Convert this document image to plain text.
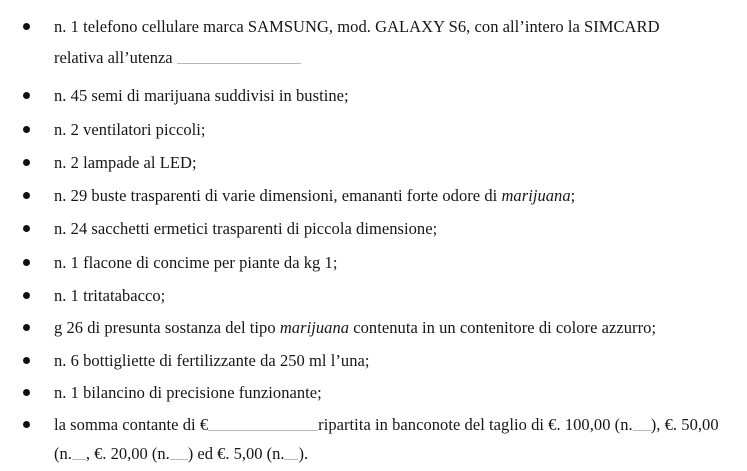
n. 1 telefono cellulare marca SAMSUNG, mod. GALAXY S6, con all’intero la SIMCARD
relativa all’utenza
n. 45 semi di marijuana suddivisi in bustine;
n. 2 ventilatori piccoli;
n. 2 lampade al LED;
n. 29 buste trasparenti di varie dimensioni, emananti forte odore di marijuana;
n. 24 sacchetti ermetici trasparenti di piccola dimensione;
n. 1 flacone di concime per piante da kg 1;
n. 1 tritatabacco;
g 26 di presunta sostanza del tipo marijuana contenuta in un contenitore di colore azzurro;
n. 6 bottigliette di fertilizzante da 250 ml l’una;
n. 1 bilancino di precisione funzionante;
la somma contante di €	ripartita in banconote del taglio di €. 100,00 (n. ), €. 50,00
(n. , €. 20,00 (n. ) ed €. 5,00 (n. ).
